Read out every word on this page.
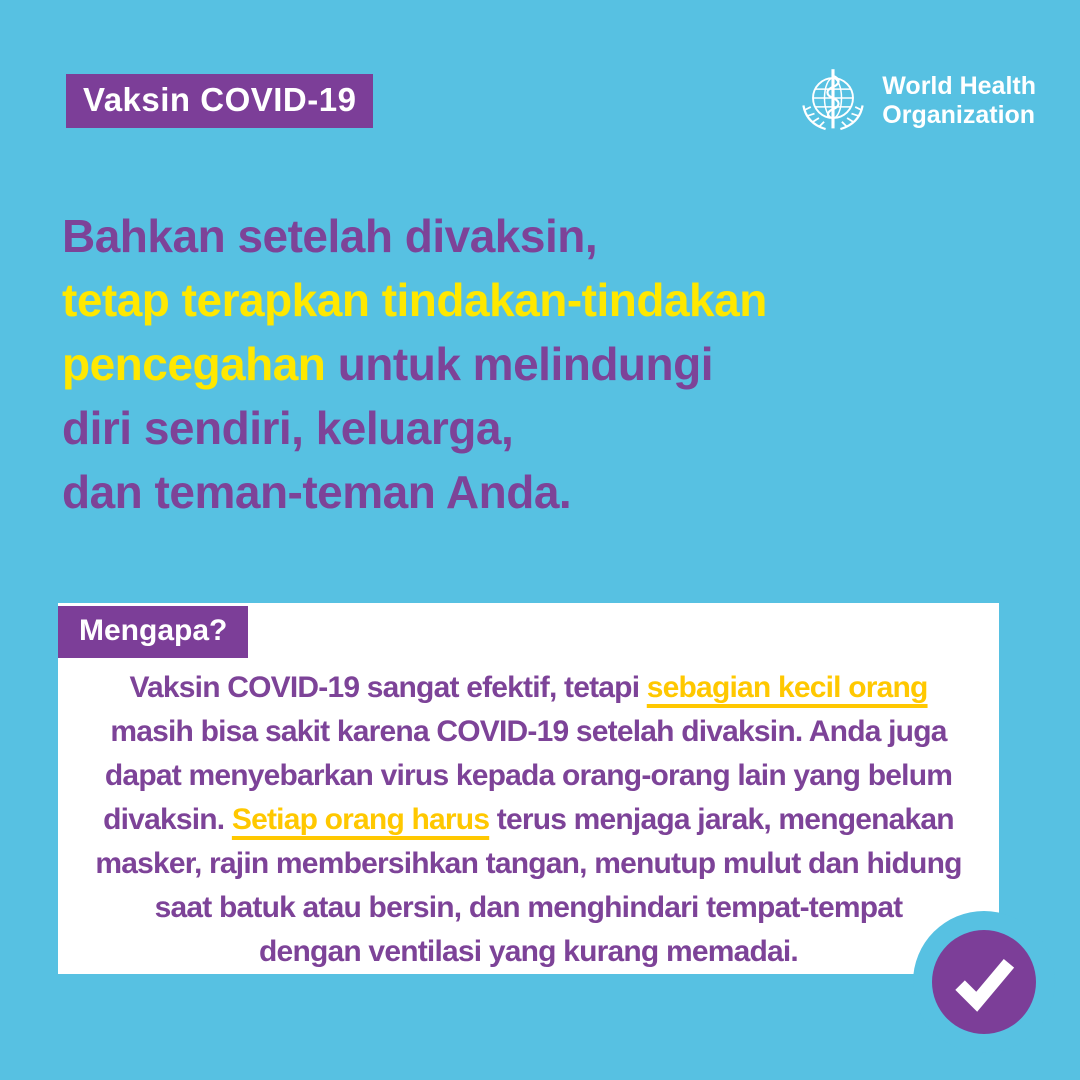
Vaksin COVID-19	World Health
Organization
Bahkan setelah divaksin,
tetap terapkan tindakan-tindakan
pencegahan untuk melindungi
diri sendiri, keluarga,
dan teman-teman Anda.
Mengapa?
Vaksin COVID-19 sangat efektif, tetapi sebagian kecil orang
masih bisa sakit karena COVID-19 setelah divaksin. Anda juga
dapat menyebarkan virus kepada orang-orang lain yang belum
divaksin. Setiap orang harus terus menjaga jarak, mengenakan
masker, rajin membersihkan tangan, menutup mulut dan hidung
saat batuk atau bersin, dan menghindari tempat-tempat
dengan ventilasi yang kurang memadai.
